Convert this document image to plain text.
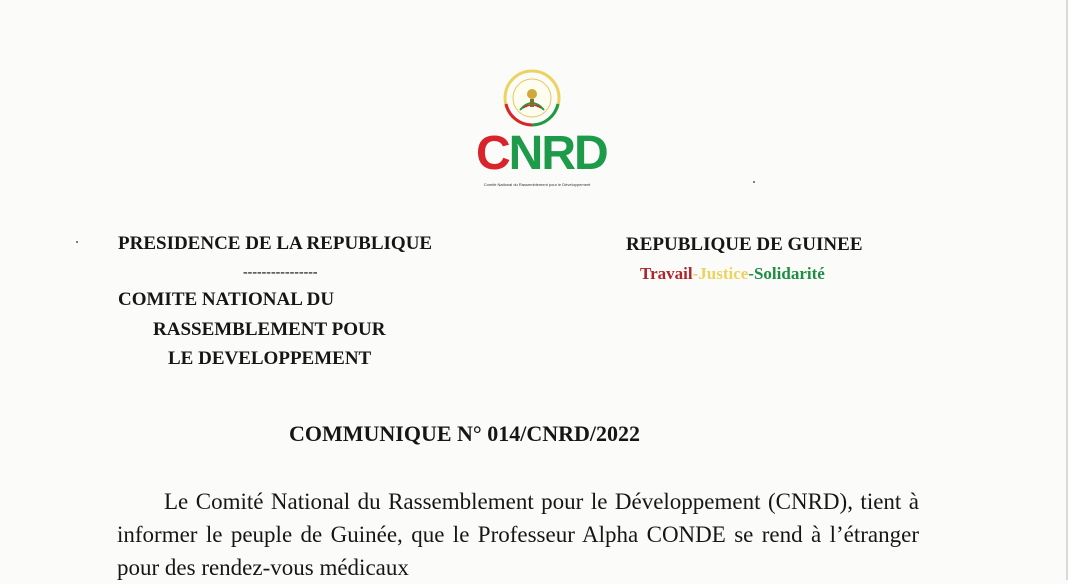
CNRD
Comité National du Rassemblement pour le Développement
PRESIDENCE DE LA REPUBLIQUE
----------------
COMITE NATIONAL DU
RASSEMBLEMENT POUR
LE DEVELOPPEMENT
REPUBLIQUE DE GUINEE
Travail-Justice-Solidarité
COMMUNIQUE N° 014/CNRD/2022

Le Comité National du Rassemblement pour le Développement (CNRD), tient à informer le peuple de Guinée, que le Professeur Alpha CONDE se rend à l’étranger pour des rendez-vous médicaux
